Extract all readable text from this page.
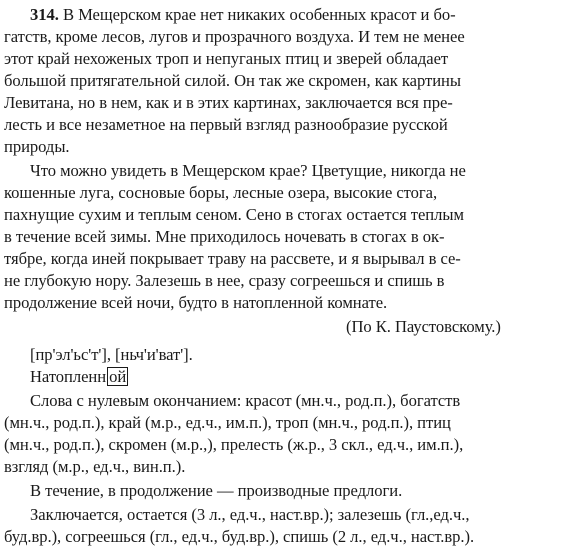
314. В Мещерском крае нет никаких особенных красот и бо-
гатств, кроме лесов, лугов и прозрачного воздуха. И тем не менее
этот край нехоженых троп и непуганых птиц и зверей обладает
большой притягательной силой. Он так же скромен, как картины
Левитана, но в нем, как и в этих картинах, заключается вся пре-
лесть и все незаметное на первый взгляд разнообразие русской
природы.
Что можно увидеть в Мещерском крае? Цветущие, никогда не
кошенные луга, сосновые боры, лесные озера, высокие стога,
пахнущие сухим и теплым сеном. Сено в стогах остается теплым
в течение всей зимы. Мне приходилось ночевать в стогах в ок-
тябре, когда иней покрывает траву на рассвете, и я вырывал в се-
не глубокую нору. Залезешь в нее, сразу согреешься и спишь в
продолжение всей ночи, будто в натопленной комнате.
(По К. Паустовскому.)
[пр'эл'ьс'т'], [ньч'и'ват'].
Натопленн ой
Слова с нулевым окончанием: красот (мн.ч., род.п.), богатств
(мн.ч., род.п.), край (м.р., ед.ч., им.п.), троп (мн.ч., род.п.), птиц
(мн.ч., род.п.), скромен (м.р.,), прелесть (ж.р., 3 скл., ед.ч., им.п.),
взгляд (м.р., ед.ч., вин.п.).
В течение, в продолжение — производные предлоги.
Заключается, остается (3 л., ед.ч., наст.вр.); залезешь (гл.,ед.ч.,
буд.вр.), согреешься (гл., ед.ч., буд.вр.), спишь (2 л., ед.ч., наст.вр.).
